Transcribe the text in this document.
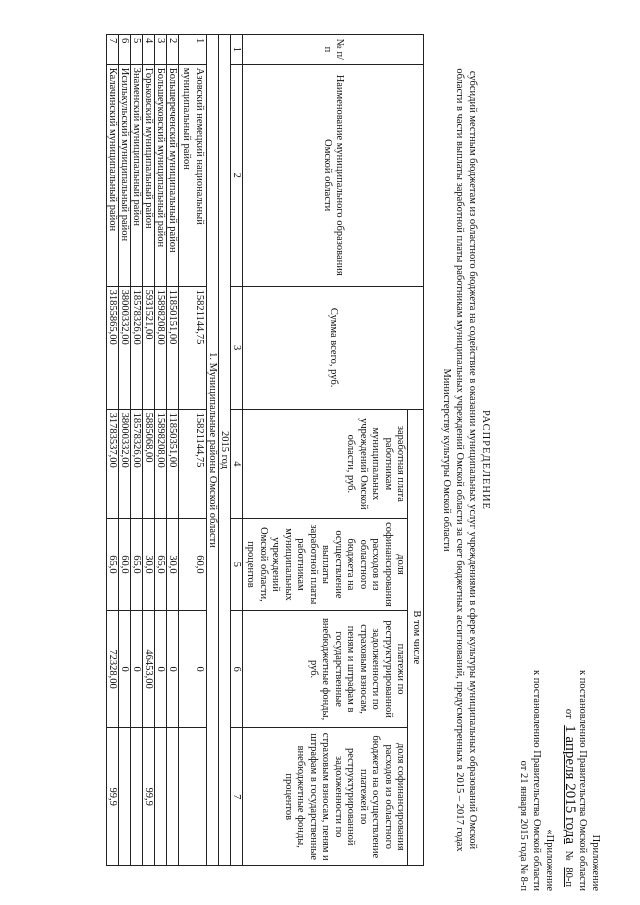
Приложение
к постановлению Правительства Омской области
от 1 апреля 2015 года № 80-п
«Приложение
к постановлению Правительства Омской области
от 21 января 2015 года № 8-п
РАСПРЕДЕЛЕНИЕ
субсидий местным бюджетам из областного бюджета на содействие в оказании муниципальных услуг учреждениями в сфере культуры муниципальных образований Омской
области в части выплаты заработной платы работникам муниципальных учреждений Омской области за счет бюджетных ассигнований, предусмотренных в 2015 – 2017 годах
Министерству культуры Омской области
№ п/п	Наименование муниципального образования Омской области	Сумма всего, руб.	В том числе			
			заработная плата работникам муниципальных учреждений Омской области, руб.	доля софинансирования расходов из областного бюджета на осуществление выплаты заработной платы работникам муниципальных учреждений Омской области, процентов	платежи по реструктурированной задолженности по страховым взносам, пеням и штрафам в государственные внебюджетные фонды, руб.	доля софинансирования расходов из областного бюджета на осуществление платежей по реструктурированной задолженности по страховым взносам, пеням и штрафам в государственные внебюджетные фонды, процентов
1	2	3	4	5	6	7
2015 год						
1. Муниципальные районы Омской области						
1	Азовский немецкий национальный муниципальный район	15821144,75	15821144,75	60,0	0	
2	Большереченский муниципальный район	11850151,00	11850351,00	30,0	0	
3	Большеуковский муниципальный район	15898208,00	15898208,00	65,0	0	
4	Горьковский муниципальный район	5931521,00	5885068,00	30,0	46453,00	99,9
5	Знаменский муниципальный район	18578326,00	18578326,00	65,0	0	
6	Исилькульский муниципальный район	38000332,00	38000332,00	60,0	0	
7	Калачинский муниципальный район	31855865,00	31783537,00	65,0	72328,00	99,9
